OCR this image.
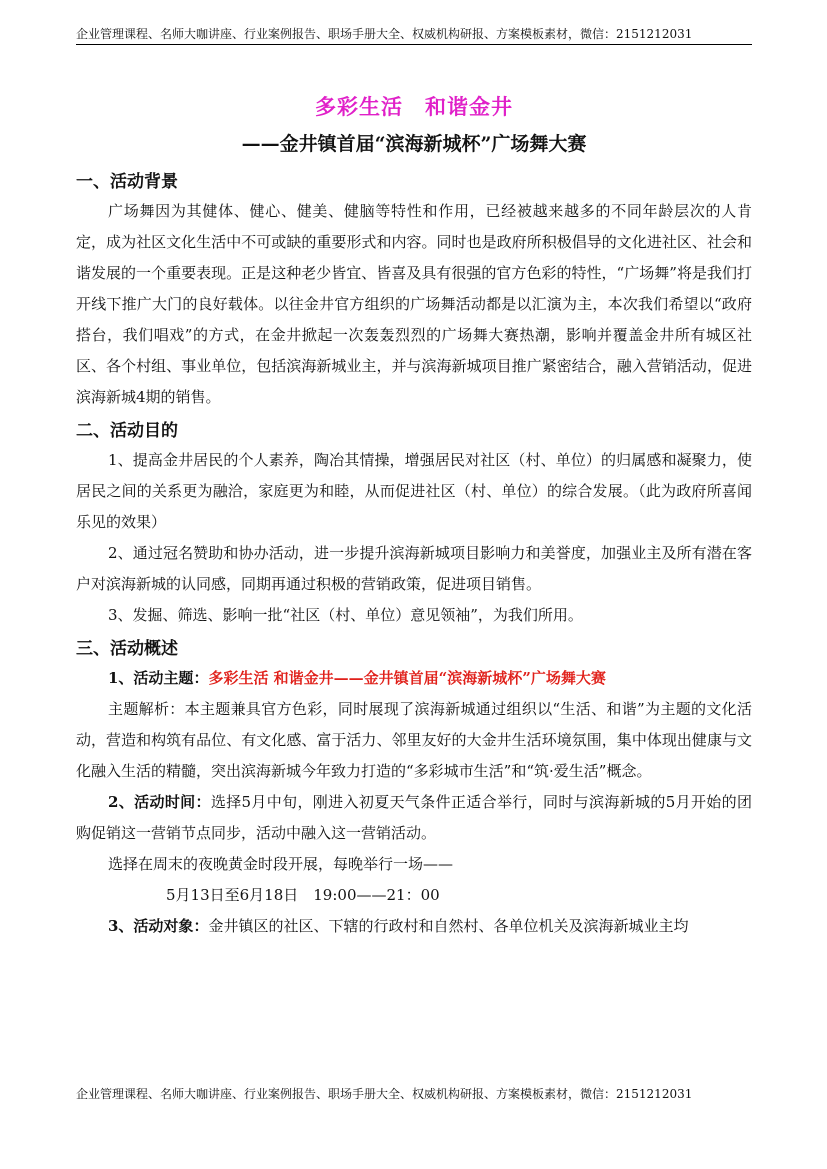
企业管理课程、名师大咖讲座、行业案例报告、职场手册大全、权威机构研报、方案模板素材，微信：2151212031
多彩生活 和谐金井
——金井镇首届“滨海新城杯”广场舞大赛
一、活动背景

广场舞因为其健体、健心、健美、健脑等特性和作用，已经被越来越多的不同年龄层次的人肯定，成为社区文化生活中不可或缺的重要形式和内容。同时也是政府所积极倡导的文化进社区、社会和谐发展的一个重要表现。正是这种老少皆宜、皆喜及具有很强的官方色彩的特性，“广场舞”将是我们打开线下推广大门的良好载体。以往金井官方组织的广场舞活动都是以汇演为主，本次我们希望以“政府搭台，我们唱戏”的方式，在金井掀起一次轰轰烈烈的广场舞大赛热潮，影响并覆盖金井所有城区社区、各个村组、事业单位，包括滨海新城业主，并与滨海新城项目推广紧密结合，融入营销活动，促进滨海新城4期的销售。

二、活动目的

1、提高金井居民的个人素养，陶冶其情操，增强居民对社区（村、单位）的归属感和凝聚力，使居民之间的关系更为融洽，家庭更为和睦，从而促进社区（村、单位）的综合发展。（此为政府所喜闻乐见的效果）

2、通过冠名赞助和协办活动，进一步提升滨海新城项目影响力和美誉度，加强业主及所有潜在客户对滨海新城的认同感，同期再通过积极的营销政策，促进项目销售。

3、发掘、筛选、影响一批“社区（村、单位）意见领袖”，为我们所用。

三、活动概述

1、活动主题：多彩生活 和谐金井——金井镇首届“滨海新城杯”广场舞大赛

主题解析：本主题兼具官方色彩，同时展现了滨海新城通过组织以“生活、和谐”为主题的文化活动，营造和构筑有品位、有文化感、富于活力、邻里友好的大金井生活环境氛围，集中体现出健康与文化融入生活的精髓，突出滨海新城今年致力打造的“多彩城市生活”和“筑·爱生活”概念。

2、活动时间：选择5月中旬，刚进入初夏天气条件正适合举行，同时与滨海新城的5月开始的团购促销这一营销节点同步，活动中融入这一营销活动。

选择在周末的夜晚黄金时段开展，每晚举行一场——

5月13日至6月18日　19:00——21：00

3、活动对象：金井镇区的社区、下辖的行政村和自然村、各单位机关及滨海新城业主均

企业管理课程、名师大咖讲座、行业案例报告、职场手册大全、权威机构研报、方案模板素材，微信：2151212031
